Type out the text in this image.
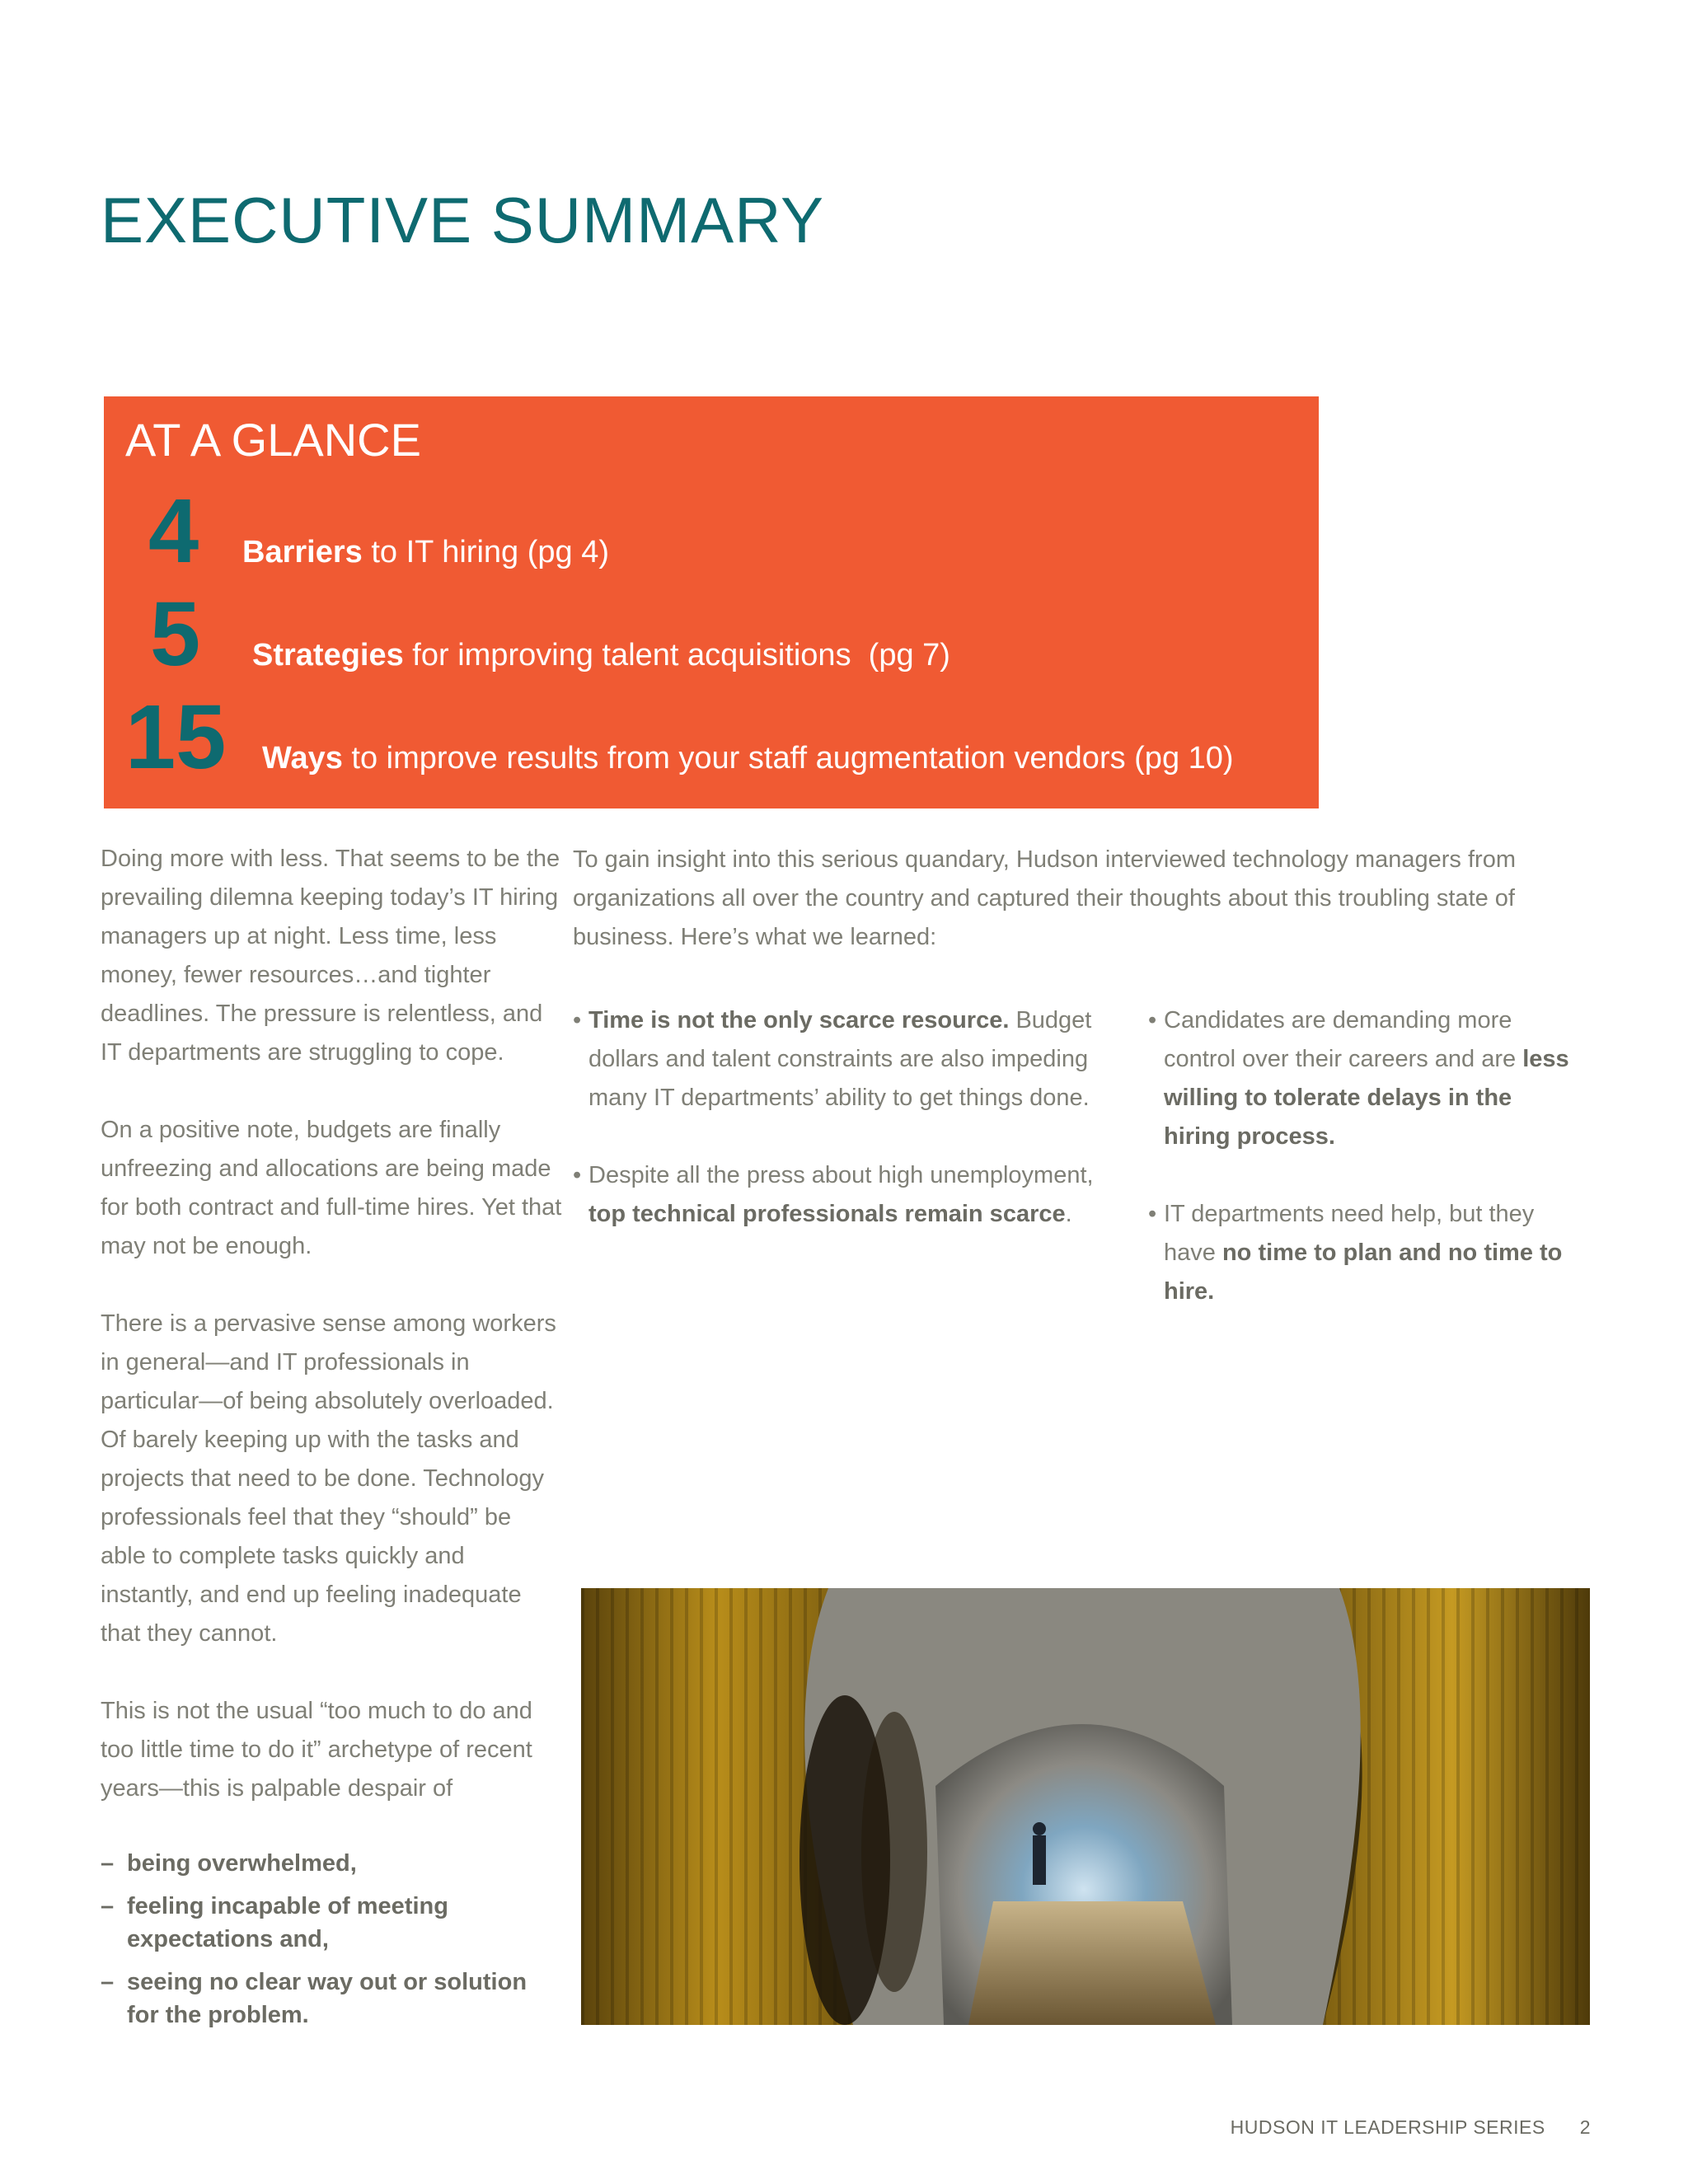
EXECUTIVE SUMMARY
AT A GLANCE
4	Barriers to IT hiring (pg 4)
5	Strategies for improving talent acquisitions  (pg 7)
15	Ways to improve results from your staff augmentation vendors (pg 10)

Doing more with less. That seems to be the prevailing dilemna keeping today’s IT hiring managers up at night. Less time, less money, fewer resources…and tighter deadlines. The pressure is relentless, and IT departments are struggling to cope.

On a positive note, budgets are finally unfreezing and allocations are being made for both contract and full-time hires. Yet that may not be enough.

There is a pervasive sense among workers in general—and IT professionals in particular—of being absolutely overloaded. Of barely keeping up with the tasks and projects that need to be done. Technology professionals feel that they “should” be able to complete tasks quickly and instantly, and end up feeling inadequate that they cannot.

This is not the usual “too much to do and too little time to do it” archetype of recent years—this is palpable despair of

– being overwhelmed,
– feeling incapable of meeting expectations and,
– seeing no clear way out or solution for the problem.

To gain insight into this serious quandary, Hudson interviewed technology managers from organizations all over the country and captured their thoughts about this troubling state of business. Here’s what we learned:

• Time is not the only scarce resource. Budget dollars and talent constraints are also impeding many IT departments’ ability to get things done.
• Despite all the press about high unemployment, top technical professionals remain scarce.
• Candidates are demanding more control over their careers and are less willing to tolerate delays in the hiring process.
• IT departments need help, but they have no time to plan and no time to hire.
HUDSON IT LEADERSHIP SERIES 2
